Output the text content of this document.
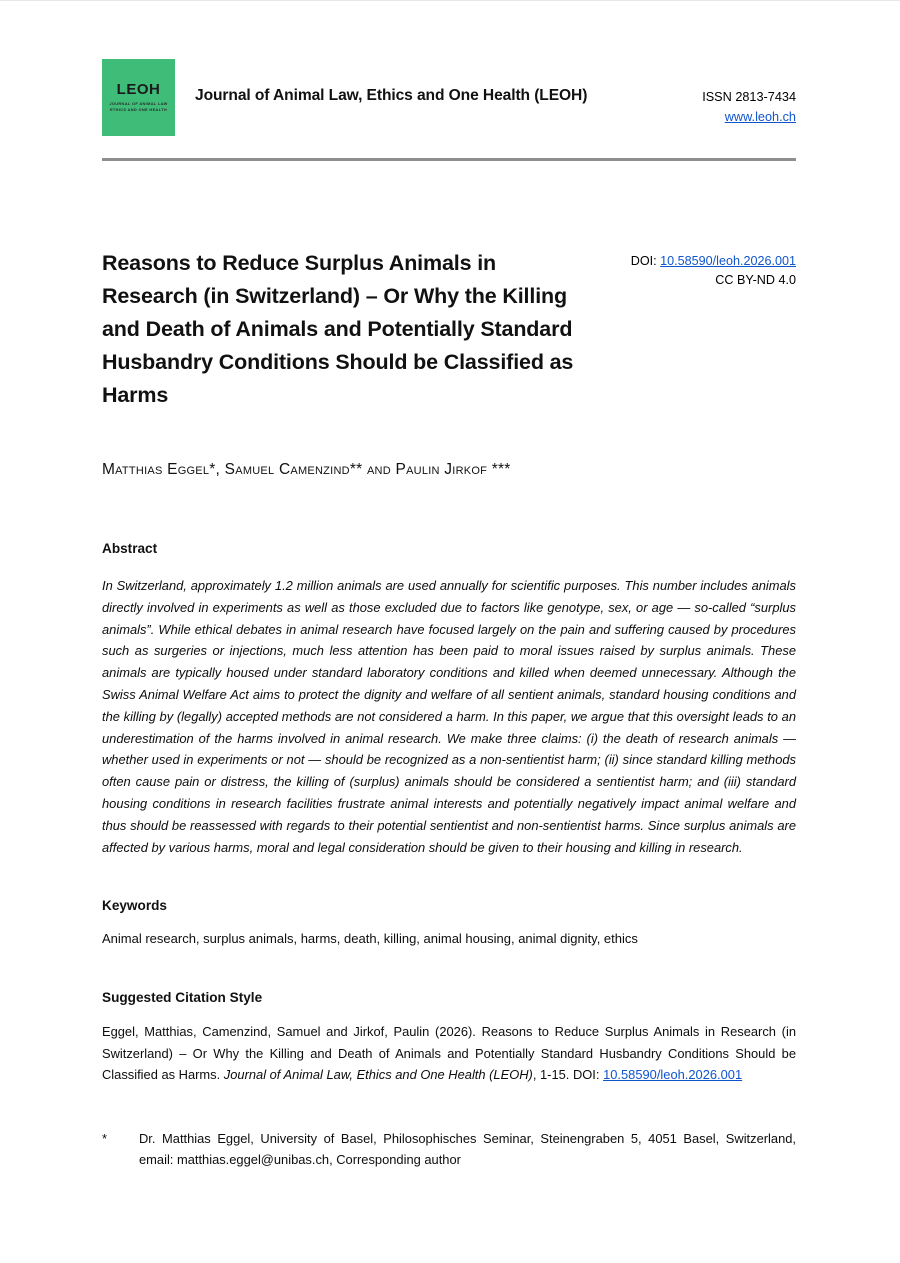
LEOH
JOURNAL OF ANIMAL LAW ETHICS AND ONE HEALTH
Journal of Animal Law, Ethics and One Health (LEOH)	ISSN 2813-7434
www.leoh.ch
Reasons to Reduce Surplus Animals in Research (in Switzerland) – Or Why the Killing and Death of Animals and Potentially Standard Husbandry Conditions Should be Classified as Harms
DOI: 10.58590/leoh.2026.001
CC BY-ND 4.0
Matthias Eggel*, Samuel Camenzind** and Paulin Jirkof ***
Abstract

In Switzerland, approximately 1.2 million animals are used annually for scientific purposes. This number includes animals directly involved in experiments as well as those excluded due to factors like genotype, sex, or age — so-called “surplus animals”. While ethical debates in animal research have focused largely on the pain and suffering caused by procedures such as surgeries or injections, much less attention has been paid to moral issues raised by surplus animals. These animals are typically housed under standard laboratory conditions and killed when deemed unnecessary. Although the Swiss Animal Welfare Act aims to protect the dignity and welfare of all sentient animals, standard housing conditions and the killing by (legally) accepted methods are not considered a harm. In this paper, we argue that this oversight leads to an underestimation of the harms involved in animal research. We make three claims: (i) the death of research animals — whether used in experiments or not — should be recognized as a non-sentientist harm; (ii) since standard killing methods often cause pain or distress, the killing of (surplus) animals should be considered a sentientist harm; and (iii) standard housing conditions in research facilities frustrate animal interests and potentially negatively impact animal welfare and thus should be reassessed with regards to their potential sentientist and non-sentientist harms. Since surplus animals are affected by various harms, moral and legal consideration should be given to their housing and killing in research.

Keywords

Animal research, surplus animals, harms, death, killing, animal housing, animal dignity, ethics

Suggested Citation Style

Eggel, Matthias, Camenzind, Samuel and Jirkof, Paulin (2026). Reasons to Reduce Surplus Animals in Research (in Switzerland) – Or Why the Killing and Death of Animals and Potentially Standard Husbandry Conditions Should be Classified as Harms. Journal of Animal Law, Ethics and One Health (LEOH), 1-15. DOI: 10.58590/leoh.2026.001

* Dr. Matthias Eggel, University of Basel, Philosophisches Seminar, Steinengraben 5, 4051 Basel, Switzerland, email: matthias.eggel@unibas.ch, Corresponding author
